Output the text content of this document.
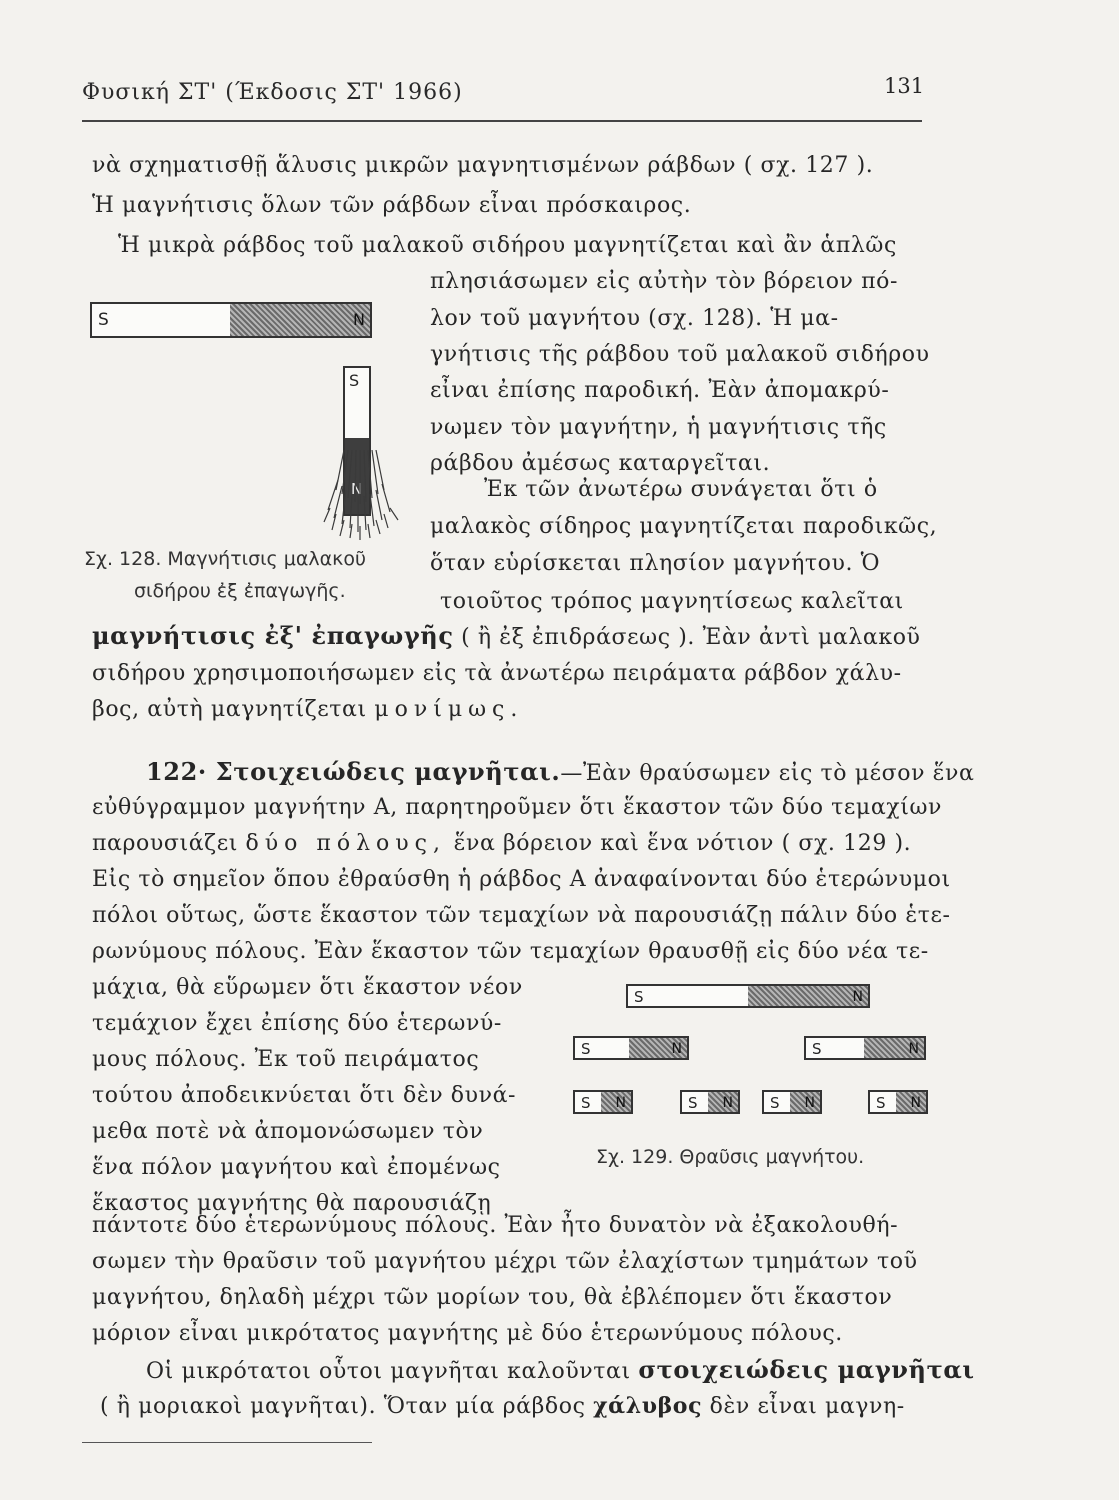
Φυσική ΣΤ' (Έκδοσις ΣΤ' 1966)	131
νὰ σχηματισθῇ ἅλυσις μικρῶν μαγνητισμένων ράβδων ( σχ. 127 ).
Ἡ μαγνήτισις ὅλων τῶν ράβδων εἶναι πρόσκαιρος.
Ἡ μικρὰ ράβδος τοῦ μαλακοῦ σιδήρου μαγνητίζεται καὶ ἂν ἁπλῶς
πλησιάσωμεν εἰς αὐτὴν τὸν βόρειον πό-
λον τοῦ μαγνήτου (σχ. 128). Ἡ μα-
γνήτισις τῆς ράβδου τοῦ μαλακοῦ σιδήρου
εἶναι ἐπίσης παροδική. Ἐὰν ἀπομακρύ-
νωμεν τὸν μαγνήτην, ἡ μαγνήτισις τῆς
ράβδου ἀμέσως καταργεῖται.
Ἐκ τῶν ἀνωτέρω συνάγεται ὅτι ὁ
μαλακὸς σίδηρος μαγνητίζεται παροδικῶς,
ὅταν εὑρίσκεται πλησίον μαγνήτου. Ὁ
τοιοῦτος τρόπος μαγνητίσεως καλεῖται
S	N
S
N
Σχ. 128. Μαγνήτισις μαλακοῦ
σιδήρου ἐξ ἐπαγωγῆς.
μαγνήτισις ἐξ' ἐπαγωγῆς ( ἢ ἐξ ἐπιδράσεως ). Ἐὰν ἀντὶ μαλακοῦ
σιδήρου χρησιμοποιήσωμεν εἰς τὰ ἀνωτέρω πειράματα ράβδον χάλυ-
βος, αὐτὴ μαγνητίζεται μονίμως.
122· Στοιχειώδεις μαγνῆται.—Ἐὰν θραύσωμεν εἰς τὸ μέσον ἕνα
εὐθύγραμμον μαγνήτην Α, παρητηροῦμεν ὅτι ἕκαστον τῶν δύο τεμαχίων
παρουσιάζει δύο πόλους, ἕνα βόρειον καὶ ἕνα νότιον ( σχ. 129 ).
Εἰς τὸ σημεῖον ὅπου ἐθραύσθη ἡ ράβδος Α ἀναφαίνονται δύο ἑτερώνυμοι
πόλοι οὕτως, ὥστε ἕκαστον τῶν τεμαχίων νὰ παρουσιάζῃ πάλιν δύο ἑτε-
ρωνύμους πόλους. Ἐὰν ἕκαστον τῶν τεμαχίων θραυσθῇ εἰς δύο νέα τε-
μάχια, θὰ εὕρωμεν ὅτι ἕκαστον νέον
τεμάχιον ἔχει ἐπίσης δύο ἑτερωνύ-
μους πόλους. Ἐκ τοῦ πειράματος
τούτου ἀποδεικνύεται ὅτι δὲν δυνά-
μεθα ποτὲ νὰ ἀπομονώσωμεν τὸν
ἕνα πόλον μαγνήτου καὶ ἐπομένως
ἕκαστος μαγνήτης θὰ παρουσιάζῃ
S	N
S	N	S	N
S N	S N S N	S N
Σχ. 129. Θραῦσις μαγνήτου.
πάντοτε δύο ἑτερωνύμους πόλους. Ἐὰν ἦτο δυνατὸν νὰ ἐξακολουθή-
σωμεν τὴν θραῦσιν τοῦ μαγνήτου μέχρι τῶν ἐλαχίστων τμημάτων τοῦ
μαγνήτου, δηλαδὴ μέχρι τῶν μορίων του, θὰ ἐβλέπομεν ὅτι ἕκαστον
μόριον εἶναι μικρότατος μαγνήτης μὲ δύο ἑτερωνύμους πόλους.
Οἱ μικρότατοι οὗτοι μαγνῆται καλοῦνται στοιχειώδεις μαγνῆται
( ἢ μοριακοὶ μαγνῆται). Ὅταν μία ράβδος χάλυβος δὲν εἶναι μαγνη-
